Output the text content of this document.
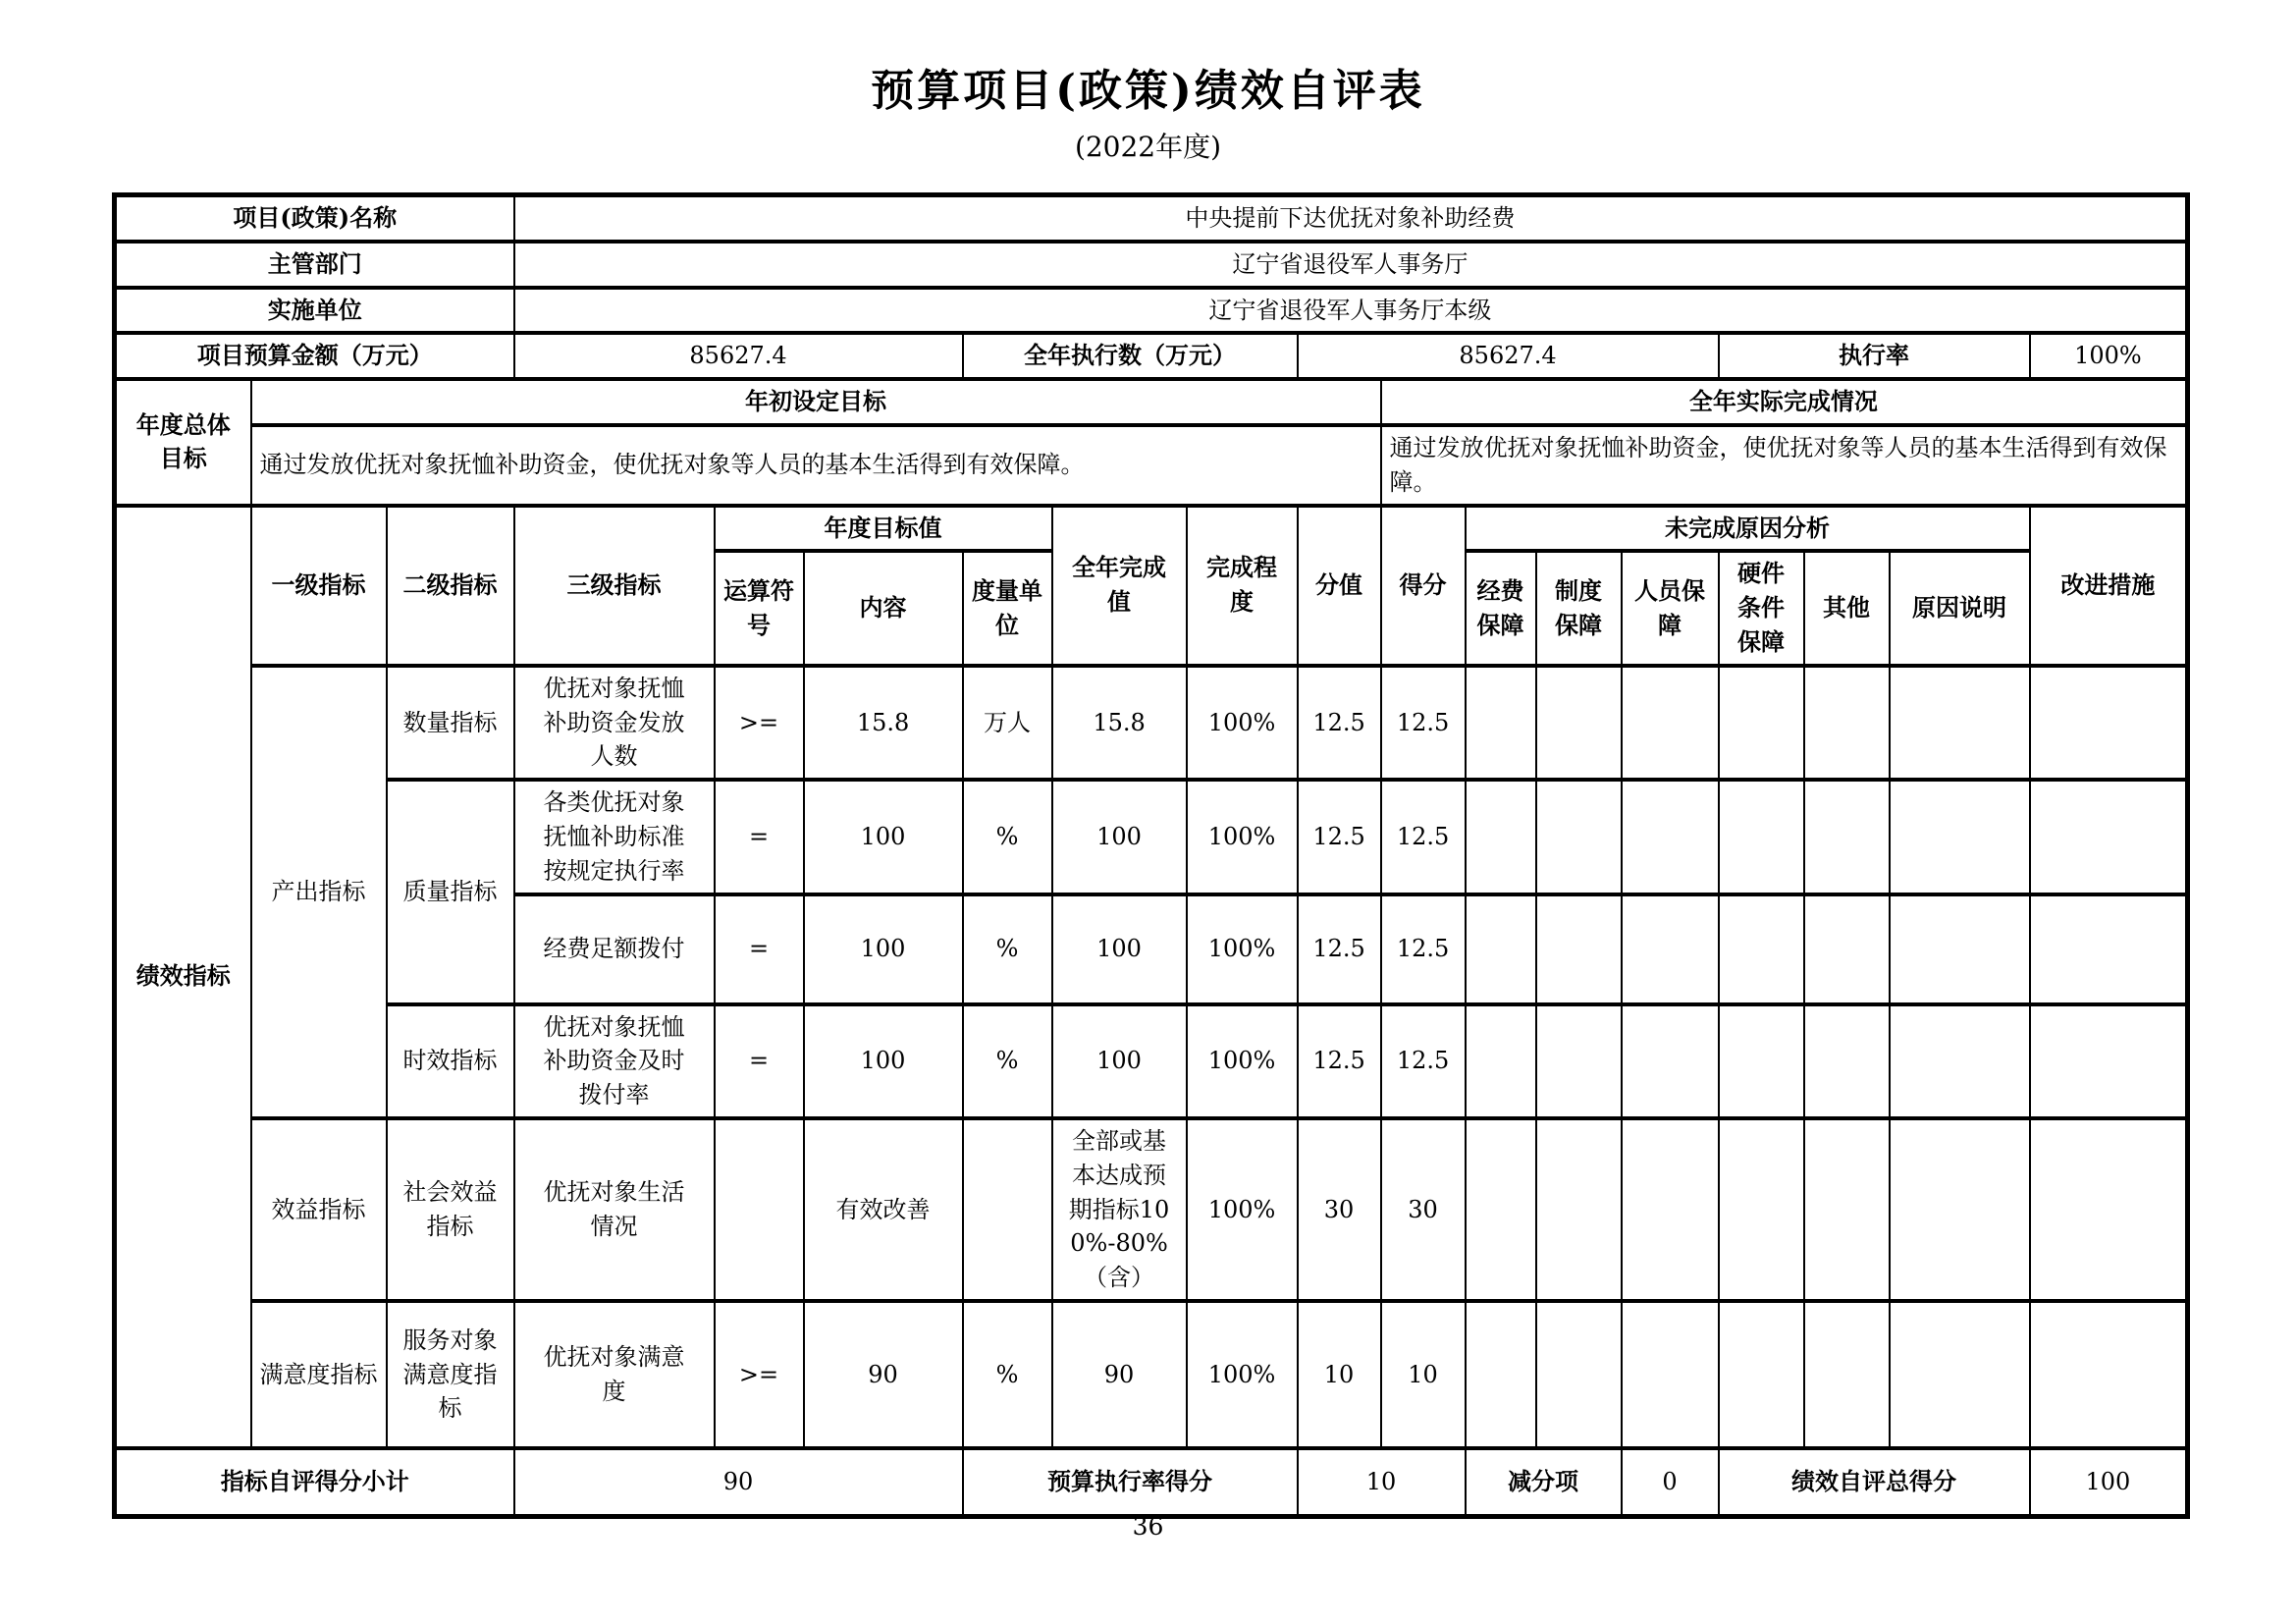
预算项目(政策)绩效自评表
(2022年度)
项目(政策)名称			中央提前下达优抚对象补助经费														
主管部门			辽宁省退役军人事务厅														
实施单位			辽宁省退役军人事务厅本级														
项目预算金额（万元）			85627.4			全年执行数（万元）			85627.4					执行率			100%
年度总体目标	年初设定目标									全年实际完成情况							
	通过发放优抚对象抚恤补助资金，使优抚对象等人员的基本生活得到有效保障。									通过发放优抚对象抚恤补助资金，使优抚对象等人员的基本生活得到有效保障。							
绩效指标	一级指标	二级指标	三级指标	年度目标值			全年完成值	完成程度	分值	得分	未完成原因分析						改进措施
				运算符号	内容	度量单位					经费保障	制度保障	人员保障	硬件条件保障	其他	原因说明	
	产出指标	数量指标	优抚对象抚恤补助资金发放人数	>=	15.8	万人	15.8	100%	12.5	12.5							
		质量指标	各类优抚对象抚恤补助标准按规定执行率	=	100	%	100	100%	12.5	12.5							
			经费足额拨付	=	100	%	100	100%	12.5	12.5							
		时效指标	优抚对象抚恤补助资金及时拨付率	=	100	%	100	100%	12.5	12.5							
	效益指标	社会效益指标	优抚对象生活情况		有效改善		全部或基本达成预期指标100%-80%（含）	100%	30	30							
	满意度指标	服务对象满意度指标	优抚对象满意度	>=	90	%	90	100%	10	10							
指标自评得分小计			90			预算执行率得分			10		减分项		0	绩效自评总得分			100
36
